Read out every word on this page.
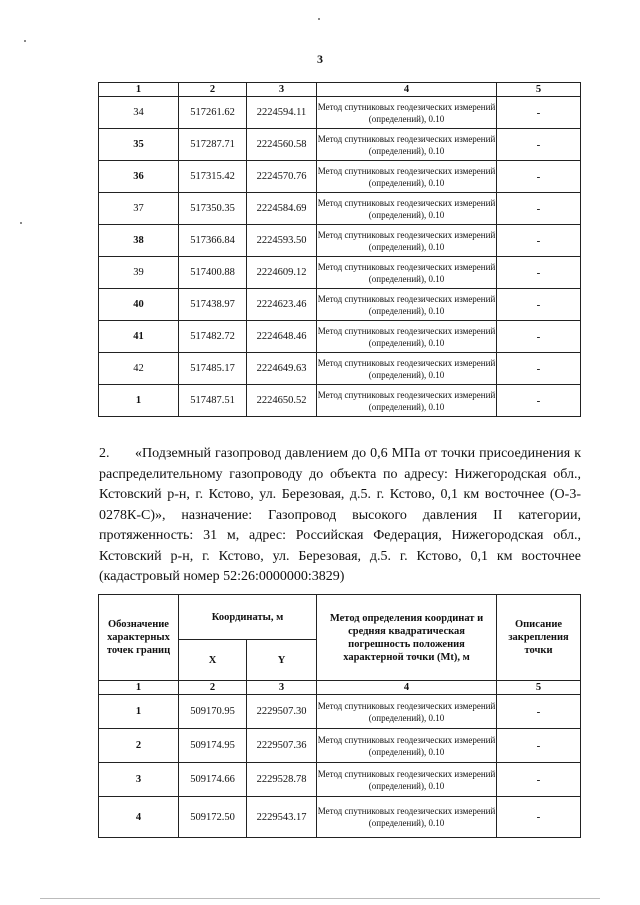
3
1	2	3	4	5
34	517261.62	2224594.11	Метод спутниковых геодезических измерений (определений), 0.10	-
35	517287.71	2224560.58	Метод спутниковых геодезических измерений (определений), 0.10	-
36	517315.42	2224570.76	Метод спутниковых геодезических измерений (определений), 0.10	-
37	517350.35	2224584.69	Метод спутниковых геодезических измерений (определений), 0.10	-
38	517366.84	2224593.50	Метод спутниковых геодезических измерений (определений), 0.10	-
39	517400.88	2224609.12	Метод спутниковых геодезических измерений (определений), 0.10	-
40	517438.97	2224623.46	Метод спутниковых геодезических измерений (определений), 0.10	-
41	517482.72	2224648.46	Метод спутниковых геодезических измерений (определений), 0.10	-
42	517485.17	2224649.63	Метод спутниковых геодезических измерений (определений), 0.10	-
1	517487.51	2224650.52	Метод спутниковых геодезических измерений (определений), 0.10	-
2. «Подземный газопровод давлением до 0,6 МПа от точки присоединения к распределительному газопроводу до объекта по адресу: Нижегородская обл., Кстовский р-н, г. Кстово, ул. Березовая, д.5. г. Кстово, 0,1 км восточнее (О-3-0278К-С)», назначение: Газопровод высокого давления II категории, протяженность: 31 м, адрес: Российская Федерация, Нижегородская обл., Кстовский р-н, г. Кстово, ул. Березовая, д.5. г. Кстово, 0,1 км восточнее (кадастровый номер 52:26:0000000:3829)
Обозначение характерных точек границ	Координаты, м		Метод определения координат и средняя квадратическая погрешность положения характерной точки (Mt), м	Описание закрепления точки
	X	Y		
1	2	3	4	5
1	509170.95	2229507.30	Метод спутниковых геодезических измерений (определений), 0.10	-
2	509174.95	2229507.36	Метод спутниковых геодезических измерений (определений), 0.10	-
3	509174.66	2229528.78	Метод спутниковых геодезических измерений (определений), 0.10	-
4	509172.50	2229543.17	Метод спутниковых геодезических измерений (определений), 0.10	-
